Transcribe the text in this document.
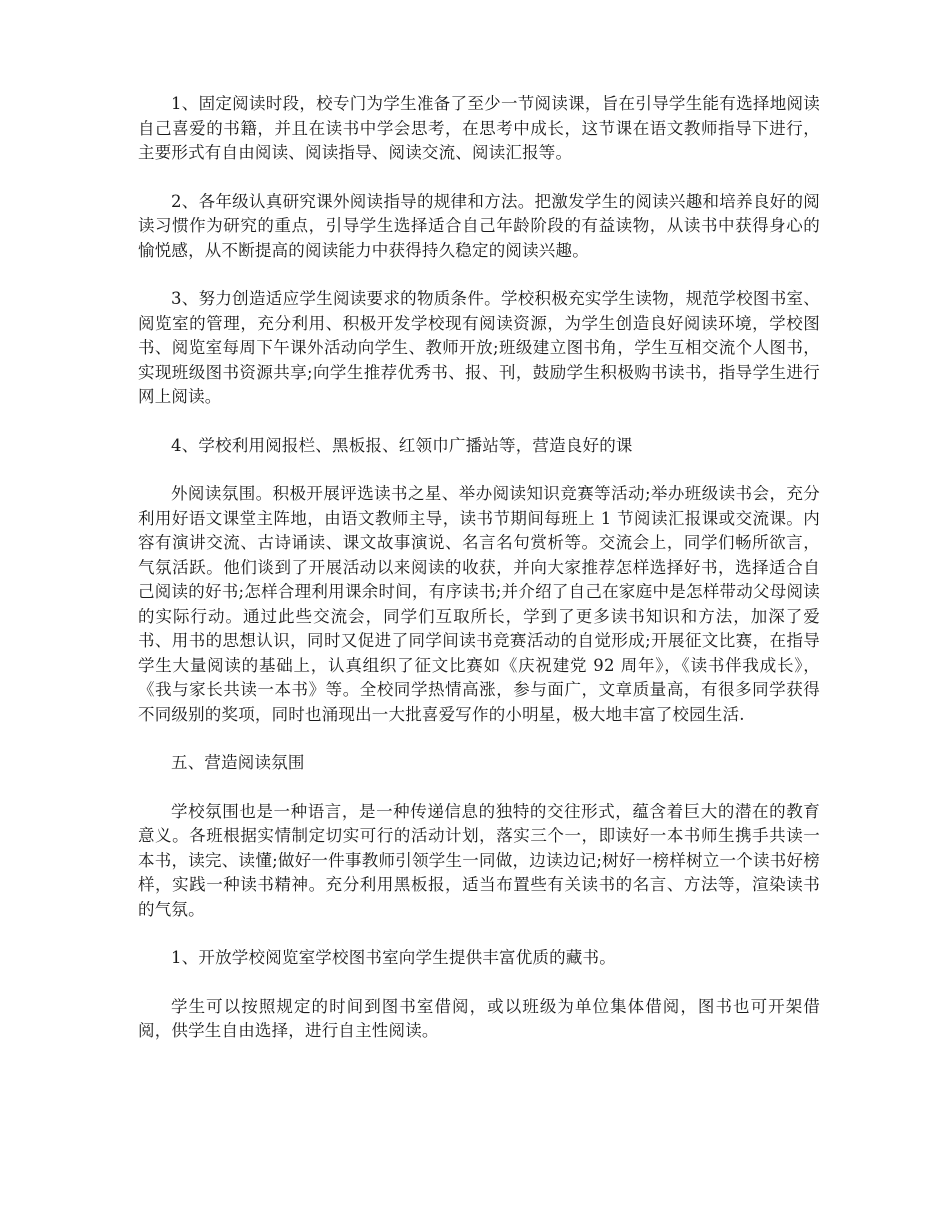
1、固定阅读时段，校专门为学生准备了至少一节阅读课，旨在引导学生能有选择地阅读自己喜爱的书籍，并且在读书中学会思考，在思考中成长，这节课在语文教师指导下进行，主要形式有自由阅读、阅读指导、阅读交流、阅读汇报等。

2、各年级认真研究课外阅读指导的规律和方法。把激发学生的阅读兴趣和培养良好的阅读习惯作为研究的重点，引导学生选择适合自己年龄阶段的有益读物，从读书中获得身心的愉悦感，从不断提高的阅读能力中获得持久稳定的阅读兴趣。

3、努力创造适应学生阅读要求的物质条件。学校积极充实学生读物，规范学校图书室、阅览室的管理，充分利用、积极开发学校现有阅读资源，为学生创造良好阅读环境，学校图书、阅览室每周下午课外活动向学生、教师开放;班级建立图书角，学生互相交流个人图书，实现班级图书资源共享;向学生推荐优秀书、报、刊，鼓励学生积极购书读书，指导学生进行网上阅读。

4、学校利用阅报栏、黑板报、红领巾广播站等，营造良好的课

外阅读氛围。积极开展评选读书之星、举办阅读知识竞赛等活动;举办班级读书会，充分利用好语文课堂主阵地，由语文教师主导，读书节期间每班上 1 节阅读汇报课或交流课。内容有演讲交流、古诗诵读、课文故事演说、名言名句赏析等。交流会上，同学们畅所欲言，气氛活跃。他们谈到了开展活动以来阅读的收获，并向大家推荐怎样选择好书，选择适合自己阅读的好书;怎样合理利用课余时间，有序读书;并介绍了自己在家庭中是怎样带动父母阅读的实际行动。通过此些交流会，同学们互取所长，学到了更多读书知识和方法，加深了爱书、用书的思想认识，同时又促进了同学间读书竞赛活动的自觉形成;开展征文比赛，在指导学生大量阅读的基础上，认真组织了征文比赛如《庆祝建党 92 周年》，《读书伴我成长》，《我与家长共读一本书》等。全校同学热情高涨，参与面广，文章质量高，有很多同学获得不同级别的奖项，同时也涌现出一大批喜爱写作的小明星，极大地丰富了校园生活.

五、营造阅读氛围

学校氛围也是一种语言，是一种传递信息的独特的交往形式，蕴含着巨大的潜在的教育意义。各班根据实情制定切实可行的活动计划，落实三个一，即读好一本书师生携手共读一本书，读完、读懂;做好一件事教师引领学生一同做，边读边记;树好一榜样树立一个读书好榜样，实践一种读书精神。充分利用黑板报，适当布置些有关读书的名言、方法等，渲染读书的气氛。

1、开放学校阅览室学校图书室向学生提供丰富优质的藏书。

学生可以按照规定的时间到图书室借阅，或以班级为单位集体借阅，图书也可开架借阅，供学生自由选择，进行自主性阅读。
